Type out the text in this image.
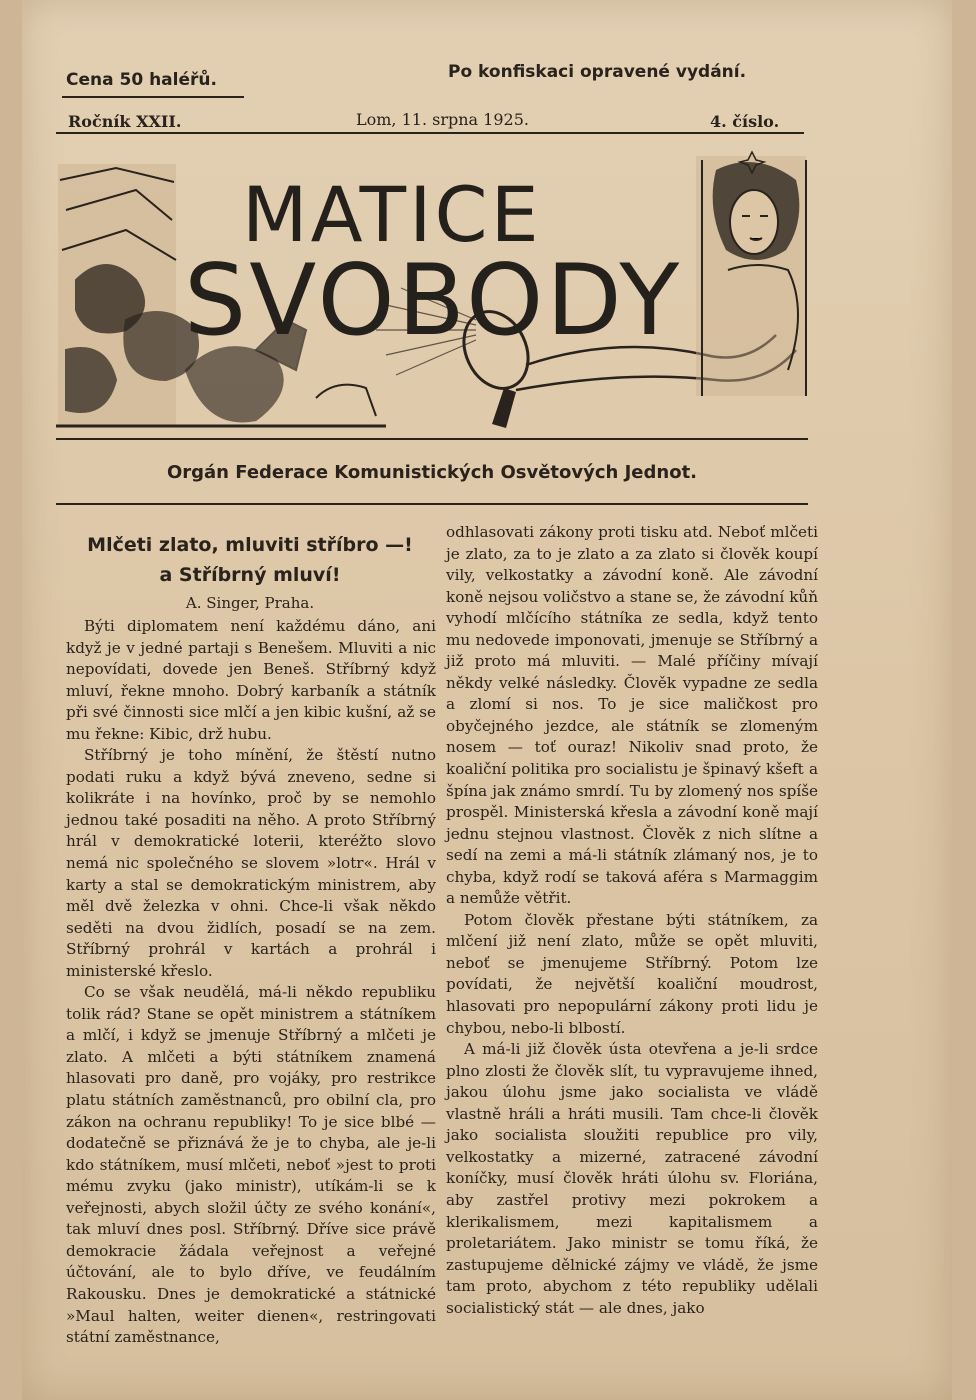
Cena 50 haléřů.	Po konfiskaci opravené vydání.
Ročník XXII.	Lom, 11. srpna 1925.	4. číslo.
MATICE
SVOBODY
Orgán Federace Komunistických Osvětových Jednot.
Mlčeti zlato, mluviti stříbro —!
a Stříbrný mluví!
A. Singer, Praha.

Býti diplomatem není každému dáno, ani když je v jedné partaji s Benešem. Mluviti a nic nepovídati, dovede jen Beneš. Stříbrný když mluví, řekne mnoho. Dobrý karbaník a státník při své činnosti sice mlčí a jen kibic kušní, až se mu řekne: Kibic, drž hubu.

Stříbrný je toho mínění, že štěstí nutno podati ruku a když bývá zneveno, sedne si kolikráte i na hovínko, proč by se nemohlo jednou také posaditi na něho. A proto Stříbrný hrál v demokratické loterii, kteréžto slovo nemá nic společného se slovem »lotr«. Hrál v karty a stal se demokratickým ministrem, aby měl dvě železka v ohni. Chce-li však někdo seděti na dvou židlích, posadí se na zem. Stříbrný prohrál v kartách a prohrál i ministerské křeslo.

Co se však neudělá, má-li někdo republiku tolik rád? Stane se opět ministrem a státníkem a mlčí, i když se jmenuje Stříbrný a mlčeti je zlato. A mlčeti a býti státníkem znamená hlasovati pro daně, pro vojáky, pro restrikce platu státních zaměstnanců, pro obilní cla, pro zákon na ochranu republiky! To je sice blbé — dodatečně se přiznává že je to chyba, ale je-li kdo státníkem, musí mlčeti, neboť »jest to proti mému zvyku (jako ministr), utíkám-li se k veřejnosti, abych složil účty ze svého konání«, tak mluví dnes posl. Stříbrný. Dříve sice právě demokracie žádala veřejnost a veřejné účtování, ale to bylo dříve, ve feudálním Rakousku. Dnes je demokratické a státnické »Maul halten, weiter dienen«, restringovati státní zaměstnance,

odhlasovati zákony proti tisku atd. Neboť mlčeti je zlato, za to je zlato a za zlato si člověk koupí vily, velkostatky a závodní koně. Ale závodní koně nejsou voličstvo a stane se, že závodní kůň vyhodí mlčícího státníka ze sedla, když tento mu nedovede imponovati, jmenuje se Stříbrný a již proto má mluviti. — Malé příčiny mívají někdy velké následky. Člověk vypadne ze sedla a zlomí si nos. To je sice maličkost pro obyčejného jezdce, ale státník se zlomeným nosem — toť ouraz! Nikoliv snad proto, že koaliční politika pro socialistu je špinavý kšeft a špína jak známo smrdí. Tu by zlomený nos spíše prospěl. Ministerská křesla a závodní koně mají jednu stejnou vlastnost. Člověk z nich slítne a sedí na zemi a má-li státník zlámaný nos, je to chyba, když rodí se taková aféra s Marmaggim a nemůže větřit.

Potom člověk přestane býti státníkem, za mlčení již není zlato, může se opět mluviti, neboť se jmenujeme Stříbrný. Potom lze povídati, že největší koaliční moudrost, hlasovati pro nepopulární zákony proti lidu je chybou, nebo-li blbostí.

A má-li již člověk ústa otevřena a je-li srdce plno zlosti že člověk slít, tu vypravujeme ihned, jakou úlohu jsme jako socialista ve vládě vlastně hráli a hráti musili. Tam chce-li člověk jako socialista sloužiti republice pro vily, velkostatky a mizerné, zatracené závodní koníčky, musí člověk hráti úlohu sv. Floriána, aby zastřel protivy mezi pokrokem a klerikalismem, mezi kapitalismem a proletariátem. Jako ministr se tomu říká, že zastupujeme dělnické zájmy ve vládě, že jsme tam proto, abychom z této republiky udělali socialistický stát — ale dnes, jako
